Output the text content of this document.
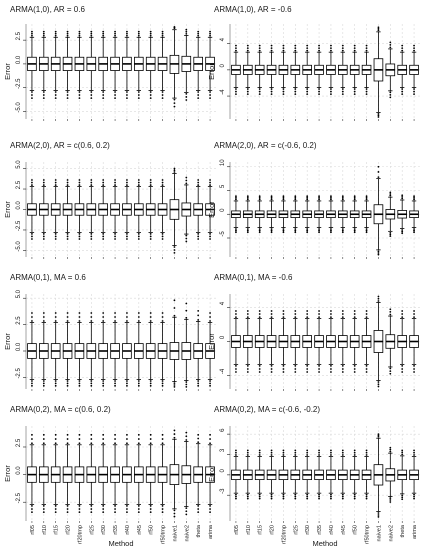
-5.0
-2.5
0.0
2.5
ARMA(1,0), AR = 0.6
Error
-4
0
4
ARMA(1,0), AR = -0.6
Error
-5.0
-2.5
0.0
2.5
5.0
ARMA(2,0), AR = c(0.6, 0.2)
Error
-5
0
5
10
ARMA(2,0), AR = c(-0.6, 0.2)
Error
-2.5
0.0
2.5
5.0
ARMA(0,1), MA = 0.6
Error
-4
0
4
ARMA(0,1), MA = -0.6
Error
-2.5
0.0
2.5
rf05 rf10 rf15 rf20 rf20tmp rf25 rf30 rf35 rf40 rf45 rf50 rf50tmp naive1 naive2 theta arima
ARMA(0,2), MA = c(0.6, 0.2)
Error
Method
-3
0
3
6
rf05 rf10 rf15 rf20 rf20tmp rf25 rf30 rf35 rf40 rf45 rf50 rf50tmp naive1 naive2 theta arima
ARMA(0,2), MA = c(-0.6, -0.2)
Error
Method
